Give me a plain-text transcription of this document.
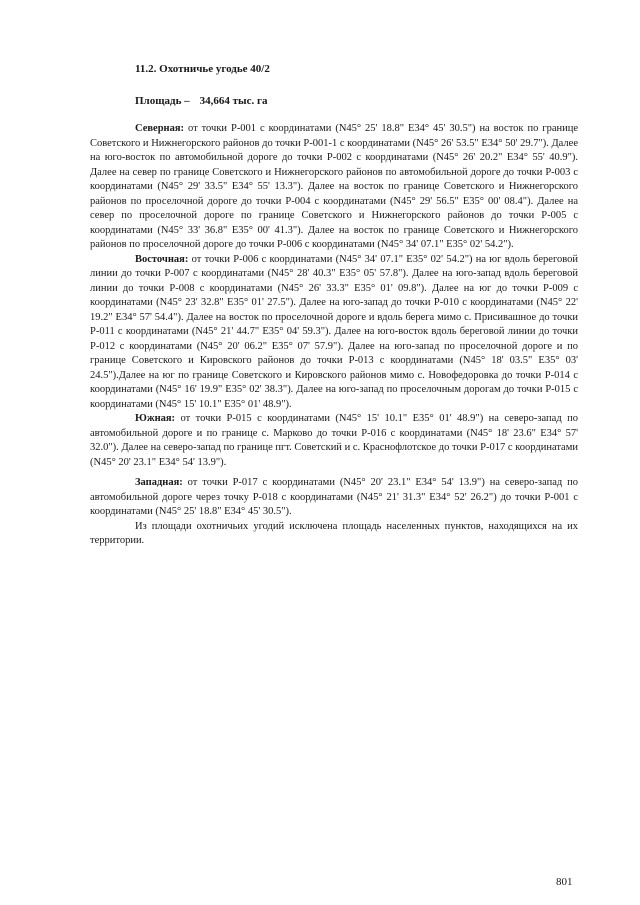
11.2. Охотничье угодье 40/2
Площадь – 34,664 тыс. га

Северная: от точки P-001 с координатами (N45° 25' 18.8" E34° 45' 30.5") на восток по границе Советского и Нижнегорского районов до точки P-001-1 с координатами (N45° 26' 53.5" E34° 50' 29.7"). Далее на юго-восток по автомобильной дороге до точки P-002 с координатами (N45° 26' 20.2" E34° 55' 40.9"). Далее на север по границе Советского и Нижнегорского районов по автомобильной дороге до точки P-003 с координатами (N45° 29' 33.5" E34° 55' 13.3"). Далее на восток по границе Советского и Нижнегорского районов по проселочной дороге до точки P-004 с координатами (N45° 29' 56.5" E35° 00' 08.4"). Далее на север по проселочной дороге по границе Советского и Нижнегорского районов до точки P-005 с координатами (N45° 33' 36.8" E35° 00' 41.3"). Далее на восток по границе Советского и Нижнегорского районов по проселочной дороге до точки P-006 с координатами (N45° 34' 07.1" E35° 02' 54.2").

Восточная: от точки P-006 с координатами (N45° 34' 07.1" E35° 02' 54.2") на юг вдоль береговой линии до точки P-007 с координатами (N45° 28' 40.3" E35° 05' 57.8"). Далее на юго-запад вдоль береговой линии до точки P-008 с координатами (N45° 26' 33.3" E35° 01' 09.8"). Далее на юг до точки P-009 с координатами (N45° 23' 32.8" E35° 01' 27.5"). Далее на юго-запад до точки P-010 с координатами (N45° 22' 19.2" E34° 57' 54.4"). Далее на восток по проселочной дороге и вдоль берега мимо с. Присивашное до точки P-011 с координатами (N45° 21' 44.7" E35° 04' 59.3"). Далее на юго-восток вдоль береговой линии до точки P-012 с координатами (N45° 20' 06.2" E35° 07' 57.9"). Далее на юго-запад по проселочной дороге и по границе Советского и Кировского районов до точки P-013 с координатами (N45° 18' 03.5" E35° 03' 24.5").Далее на юг по границе Советского и Кировского районов мимо с. Новофедоровка до точки P-014 с координатами (N45° 16' 19.9" E35° 02' 38.3"). Далее на юго-запад по проселочным дорогам до точки P-015 с координатами (N45° 15' 10.1" E35° 01' 48.9").

Южная: от точки P-015 с координатами (N45° 15' 10.1" E35° 01' 48.9") на северо-запад по автомобильной дороге и по границе с. Марково до точки P-016 с координатами (N45° 18' 23.6" E34° 57' 32.0"). Далее на северо-запад по границе пгт. Советский и с. Краснофлотское до точки P-017 с координатами (N45° 20' 23.1" E34° 54' 13.9").

Западная: от точки P-017 с координатами (N45° 20' 23.1" E34° 54' 13.9") на северо-запад по автомобильной дороге через точку P-018 с координатами (N45° 21' 31.3" E34° 52' 26.2") до точки P-001 с координатами (N45° 25' 18.8" E34° 45' 30.5").

Из площади охотничьих угодий исключена площадь населенных пунктов, находящихся на их территории.

801
